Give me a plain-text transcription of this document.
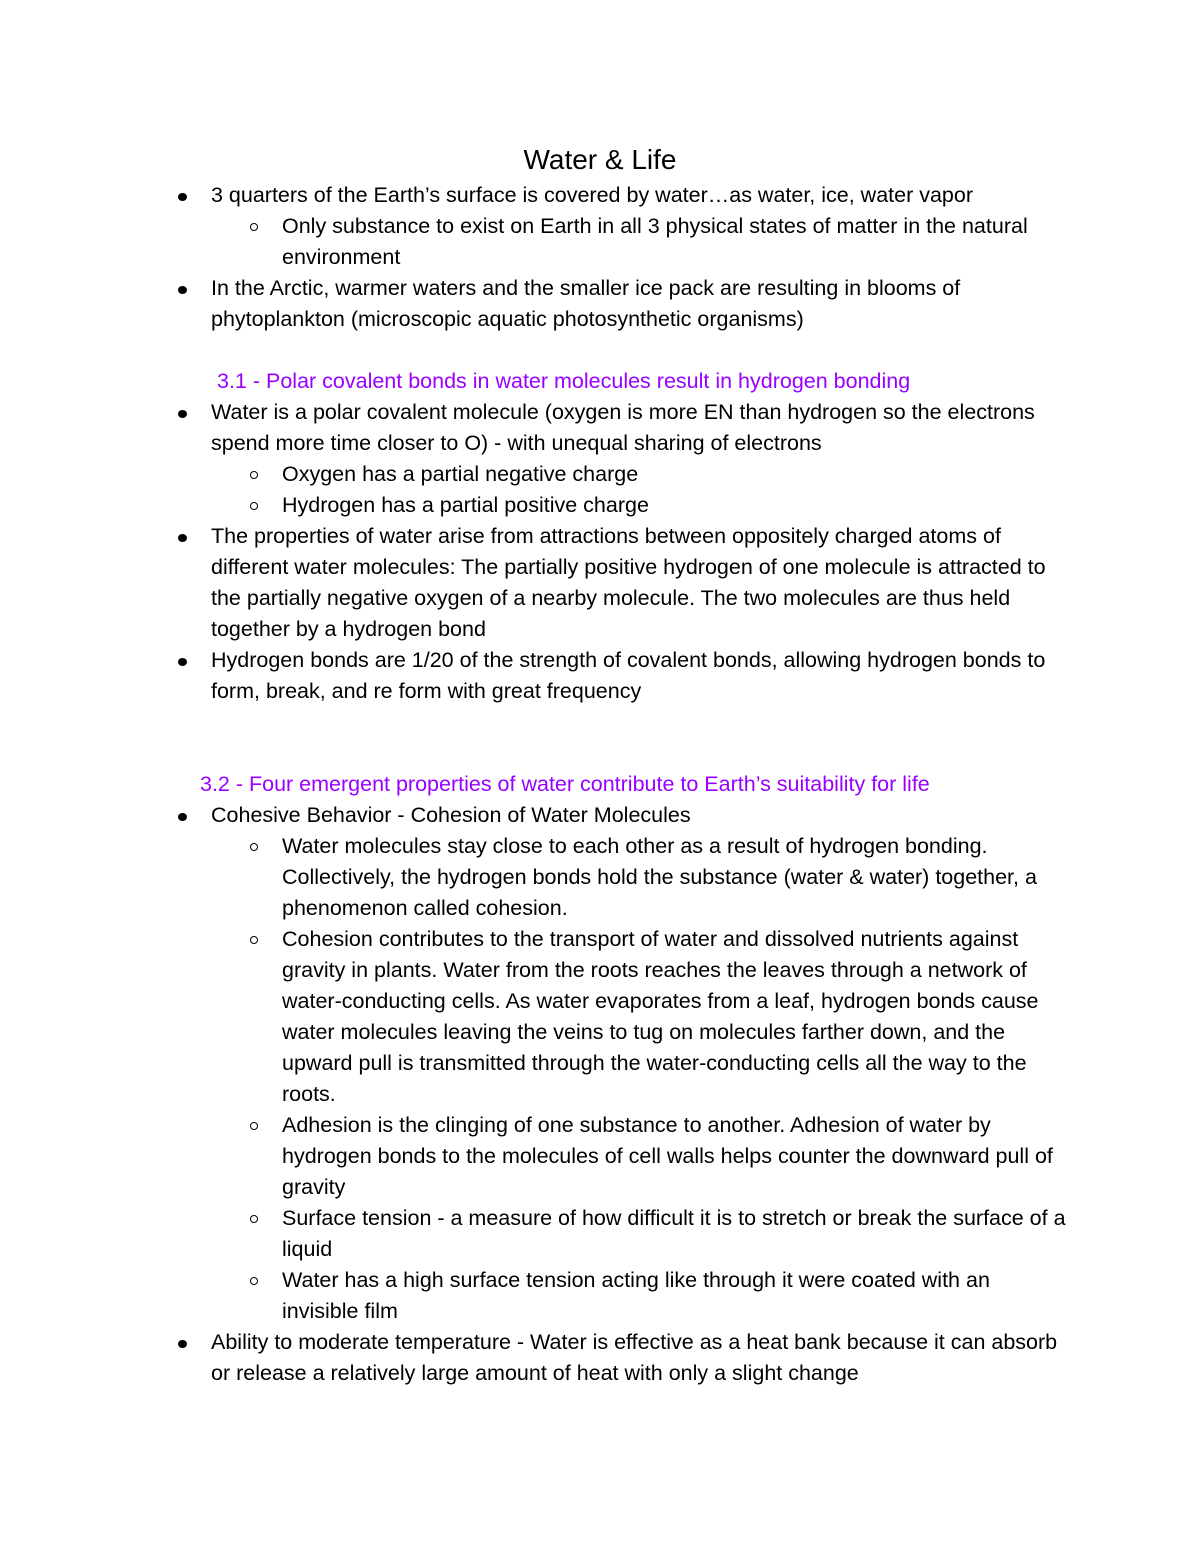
Water & Life
3 quarters of the Earth’s surface is covered by water…as water, ice, water vapor
Only substance to exist on Earth in all 3 physical states of matter in the natural environment
In the Arctic, warmer waters and the smaller ice pack are resulting in blooms of phytoplankton (microscopic aquatic photosynthetic organisms)
3.1 - Polar covalent bonds in water molecules result in hydrogen bonding
Water is a polar covalent molecule (oxygen is more EN than hydrogen so the electrons spend more time closer to O) - with unequal sharing of electrons
Oxygen has a partial negative charge
Hydrogen has a partial positive charge
The properties of water arise from attractions between oppositely charged atoms of different water molecules: The partially positive hydrogen of one molecule is attracted to the partially negative oxygen of a nearby molecule. The two molecules are thus held together by a hydrogen bond
Hydrogen bonds are 1/20 of the strength of covalent bonds, allowing hydrogen bonds to form, break, and re form with great frequency
3.2 - Four emergent properties of water contribute to Earth’s suitability for life
Cohesive Behavior - Cohesion of Water Molecules
Water molecules stay close to each other as a result of hydrogen bonding. Collectively, the hydrogen bonds hold the substance (water & water) together, a phenomenon called cohesion.
Cohesion contributes to the transport of water and dissolved nutrients against gravity in plants. Water from the roots reaches the leaves through a network of water-conducting cells. As water evaporates from a leaf, hydrogen bonds cause water molecules leaving the veins to tug on molecules farther down, and the upward pull is transmitted through the water-conducting cells all the way to the roots.
Adhesion is the clinging of one substance to another. Adhesion of water by hydrogen bonds to the molecules of cell walls helps counter the downward pull of gravity
Surface tension - a measure of how difficult it is to stretch or break the surface of a liquid
Water has a high surface tension acting like through it were coated with an invisible film
Ability to moderate temperature - Water is effective as a heat bank because it can absorb or release a relatively large amount of heat with only a slight change
